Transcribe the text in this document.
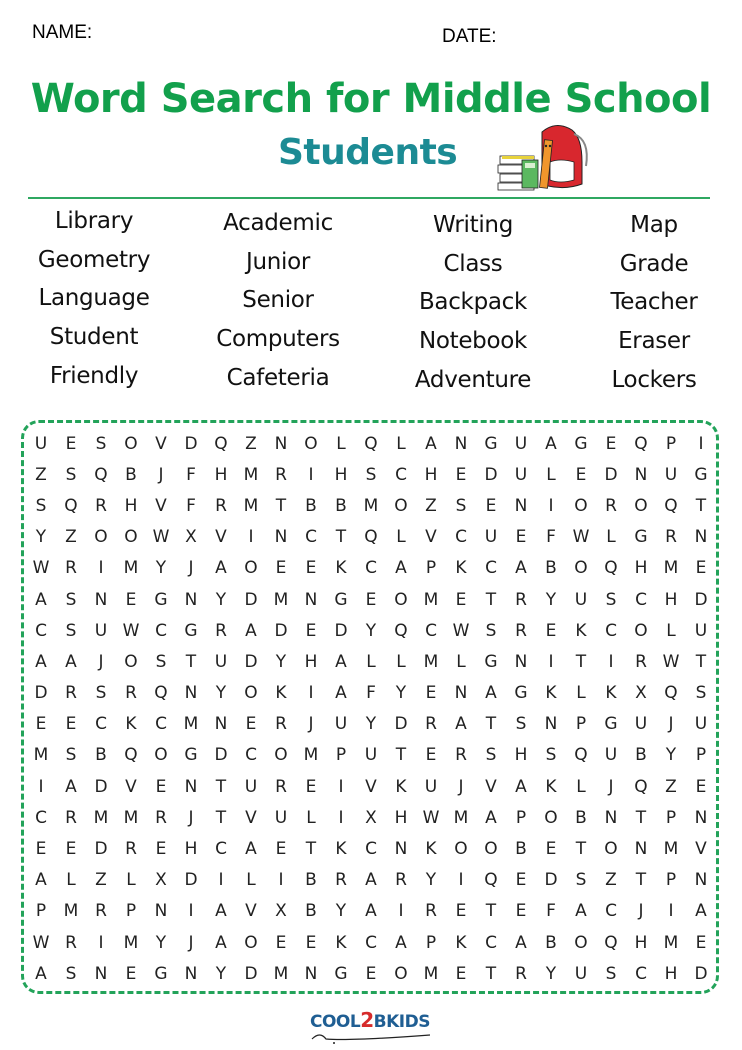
NAME:	DATE:
Word Search for Middle School
Students
Library
Geometry
Language
Student
Friendly
Academic
Junior
Senior
Computers
Cafeteria
Writing
Class
Backpack
Notebook
Adventure
Map
Grade
Teacher
Eraser
Lockers
U	E	S	O	V	D Q	Z	N O	L	Q	L	A	N	G	U	A	G	E	Q	P	I
Z	S	Q	B	J	F	H M R	I	H	S	C	H	E	D	U	L	E	D	N	U	G
S	Q	R	H	V	F	R M	T	B	B M O	Z	S	E	N	I	O	R	O Q	T
Y	Z	O O W X	V	I	N	C	T	Q	L	V	C	U	E	F W L	G	R	N
W R	I	M	Y	J	A	O	E	E	K	C	A	P	K	C	A	B	O Q H M	E
A	S	N	E	G	N	Y	D M N	G	E	O M	E	T	R	Y	U	S	C	H	D
C	S	U W C	G	R	A	D	E	D	Y	Q	C W S	R	E	K	C	O	L	U
A	A	J	O	S	T	U	D	Y	H	A	L	L	M	L	G	N	I	T	I	R W T
D	R	S	R	Q N	Y	O	K	I	A	F	Y	E	N	A	G	K	L	K	X	Q	S
E	E	C	K	C M N	E	R	J	U	Y	D	R	A	T	S	N	P	G	U	J	U
M	S	B	Q O G D	C	O M	P	U	T	E	R	S	H	S	Q	U	B	Y	P
I	A	D	V	E	N	T	U	R	E	I	V	K	U	J	V	A	K	L	J	Q	Z	E
C	R M M R	J	T	V	U	L	I	X	H W M A	P	O	B	N	T	P	N
E	E	D	R	E	H	C	A	E	T	K	C	N	K	O O	B	E	T	O N M V
A	L	Z	L	X	D	I	L	I	B	R	A	R	Y	I	Q	E	D	S	Z	T	P	N
P	M R	P	N	I	A	V	X	B	Y	A	I	R	E	T	E	F	A	C	J	I	A
W R	I	M	Y	J	A	O	E	E	K	C	A	P	K	C	A	B	O Q H M	E
A	S	N	E	G	N	Y	D M N	G	E	O M	E	T	R	Y	U	S	C	H	D
COOL2BKIDS
